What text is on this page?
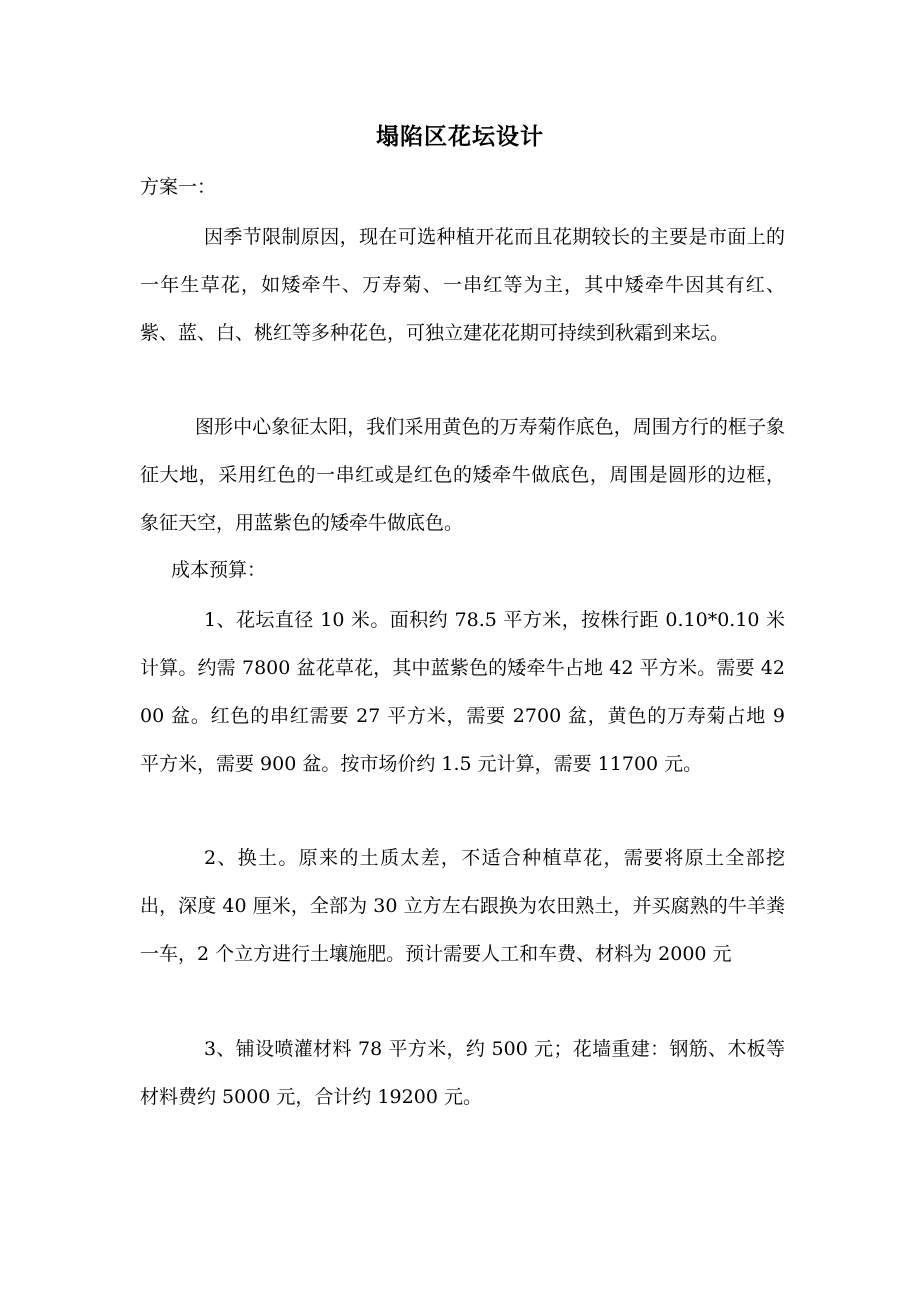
塌陷区花坛设计

方案一：

因季节限制原因，现在可选种植开花而且花期较长的主要是市面上的一年生草花，如矮牵牛、万寿菊、一串红等为主，其中矮牵牛因其有红、紫、蓝、白、桃红等多种花色，可独立建花花期可持续到秋霜到来坛。

图形中心象征太阳，我们采用黄色的万寿菊作底色，周围方行的框子象征大地，采用红色的一串红或是红色的矮牵牛做底色，周围是圆形的边框，象征天空，用蓝紫色的矮牵牛做底色。

成本预算：

1、花坛直径 10 米。面积约 78.5 平方米，按株行距 0.10*0.10 米计算。约需 7800 盆花草花，其中蓝紫色的矮牵牛占地 42 平方米。需要 4200 盆。红色的串红需要 27 平方米，需要 2700 盆，黄色的万寿菊占地 9 平方米，需要 900 盆。按市场价约 1.5 元计算，需要 11700 元。

2、换土。原来的土质太差，不适合种植草花，需要将原土全部挖出，深度 40 厘米，全部为 30 立方左右跟换为农田熟土，并买腐熟的牛羊粪一车，2 个立方进行土壤施肥。预计需要人工和车费、材料为 2000 元

3、铺设喷灌材料 78 平方米，约 500 元；花墙重建：钢筋、木板等材料费约 5000 元，合计约 19200 元。
